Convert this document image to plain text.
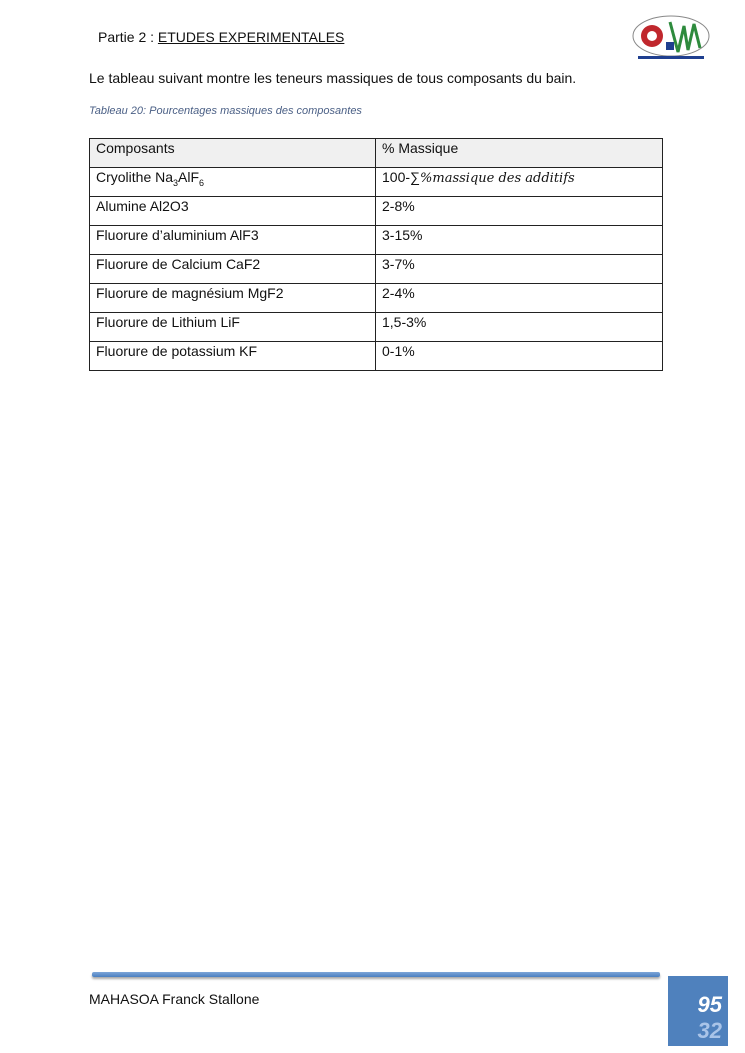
Partie 2 : ETUDES EXPERIMENTALES
Le tableau suivant montre les teneurs massiques de tous composants du bain.
Tableau 20: Pourcentages massiques des composantes
Composants	% Massique
Cryolithe $Na_3AlF_6$	100-∑%massique des additifs
Alumine Al2O3	2-8%
Fluorure d’aluminium AlF3	3-15%
Fluorure de Calcium CaF2	3-7%
Fluorure de magnésium MgF2	2-4%
Fluorure de Lithium LiF	1,5-3%
Fluorure de potassium KF	0-1%
MAHASOA Franck Stallone	95
32
